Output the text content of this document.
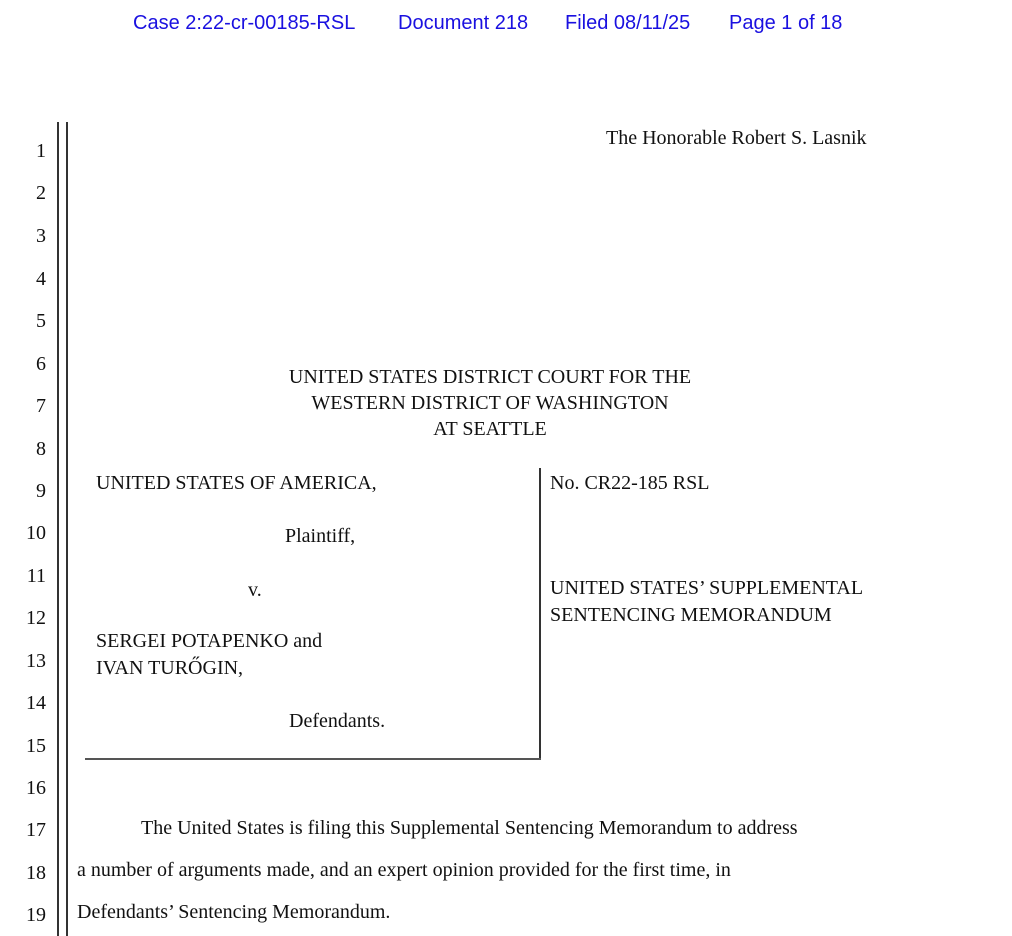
Case 2:22-cr-00185-RSL Document 218 Filed 08/11/25 Page 1 of 18
1
2
3
4
5
6
7
8
9
10
11
12
13
14
15
16
17
18
19
The Honorable Robert S. Lasnik
UNITED STATES DISTRICT COURT FOR THE
WESTERN DISTRICT OF WASHINGTON
AT SEATTLE
UNITED STATES OF AMERICA,
Plaintiff,
v.
SERGEI POTAPENKO and
IVAN TURŐGIN,
Defendants.
No. CR22-185 RSL
UNITED STATES’ SUPPLEMENTAL
SENTENCING MEMORANDUM
The United States is filing this Supplemental Sentencing Memorandum to address
a number of arguments made, and an expert opinion provided for the first time, in
Defendants’ Sentencing Memorandum.
